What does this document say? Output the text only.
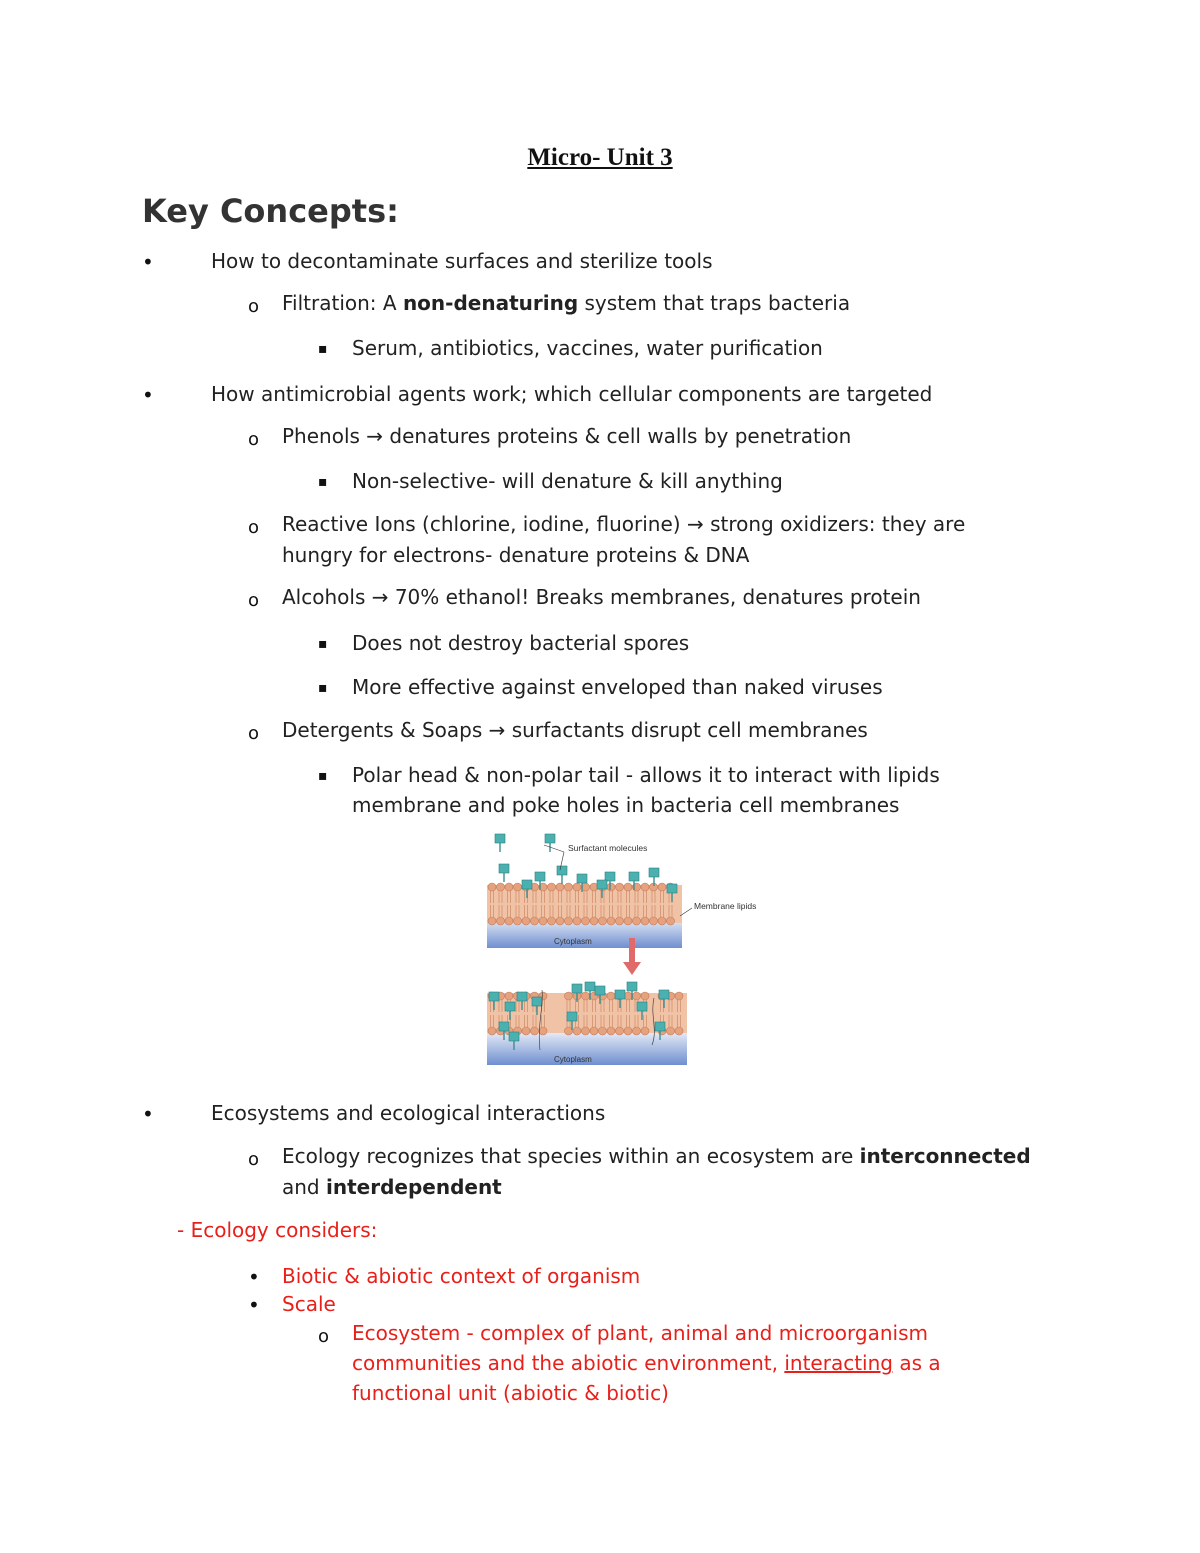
Micro- Unit 3
Key Concepts:
•	How to decontaminate surfaces and sterilize tools
o Filtration: A non-denaturing system that traps bacteria
▪ Serum, antibiotics, vaccines, water purification
•	How antimicrobial agents work; which cellular components are targeted
o Phenols → denatures proteins & cell walls by penetration
▪ Non-selective- will denature & kill anything
o Reactive Ions (chlorine, iodine, fluorine) → strong oxidizers: they are
hungry for electrons- denature proteins & DNA
o Alcohols → 70% ethanol! Breaks membranes, denatures protein
▪ Does not destroy bacterial spores
▪ More effective against enveloped than naked viruses
o Detergents & Soaps → surfactants disrupt cell membranes
▪ Polar head & non-polar tail - allows it to interact with lipids
membrane and poke holes in bacteria cell membranes
Surfactant molecules
Membrane lipids
Cytoplasm
Cytoplasm
•	Ecosystems and ecological interactions
o Ecology recognizes that species within an ecosystem are interconnected
and interdependent
- Ecology considers:
• Biotic & abiotic context of organism
• Scale
o Ecosystem - complex of plant, animal and microorganism
communities and the abiotic environment, interacting as a
functional unit (abiotic & biotic)
